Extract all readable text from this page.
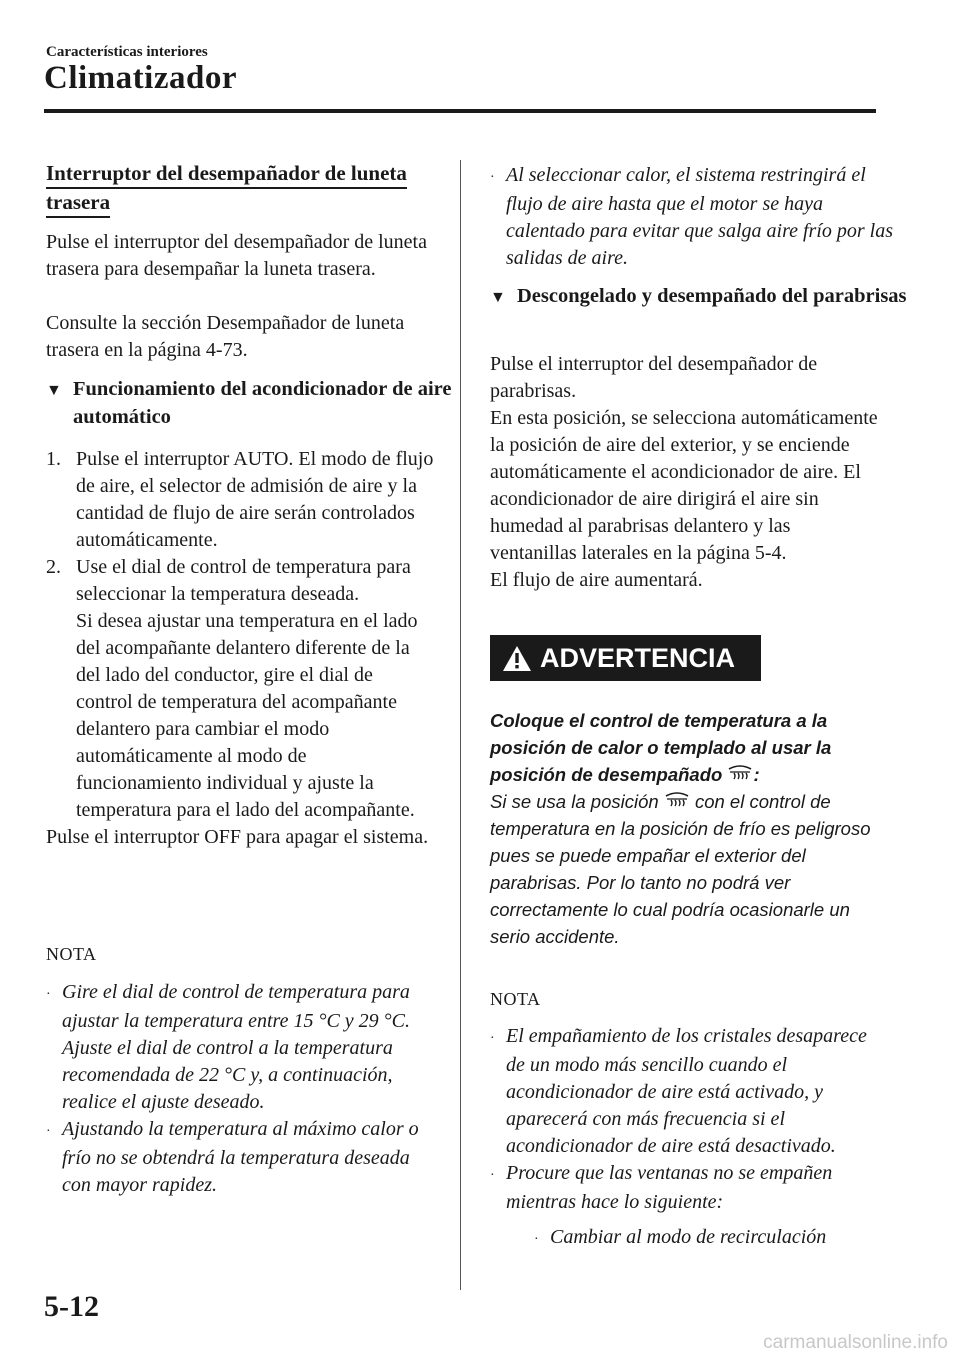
Características interiores
Climatizador
Interruptor del desempañador de luneta

trasera

Pulse el interruptor del desempañador de luneta trasera para desempañar la luneta trasera.

Consulte la sección Desempañador de luneta trasera en la página 4-73.

▼ Funcionamiento del acondicionador de aire automático

1. Pulse el interruptor AUTO. El modo de flujo de aire, el selector de admisión de aire y la cantidad de flujo de aire serán controlados automáticamente.

2. Use el dial de control de temperatura para seleccionar la temperatura deseada.

Si desea ajustar una temperatura en el lado del acompañante delantero diferente de la del lado del conductor, gire el dial de control de temperatura del acompañante delantero para cambiar el modo automáticamente al modo de funcionamiento individual y ajuste la temperatura para el lado del acompañante.

Pulse el interruptor OFF para apagar el sistema.

NOTA

· Gire el dial de control de temperatura para ajustar la temperatura entre 15 °C y 29 °C. Ajuste el dial de control a la temperatura recomendada de 22 °C y, a continuación, realice el ajuste deseado.

· Ajustando la temperatura al máximo calor o frío no se obtendrá la temperatura deseada con mayor rapidez.

· Al seleccionar calor, el sistema restringirá el flujo de aire hasta que el motor se haya calentado para evitar que salga aire frío por las salidas de aire.

▼ Descongelado y desempañado del parabrisas

Pulse el interruptor del desempañador de parabrisas.

En esta posición, se selecciona automáticamente la posición de aire del exterior, y se enciende automáticamente el acondicionador de aire. El acondicionador de aire dirigirá el aire sin humedad al parabrisas delantero y las ventanillas laterales en la página 5-4.

El flujo de aire aumentará.

ADVERTENCIA

Coloque el control de temperatura a la posición de calor o templado al usar la posición de desempañado :

Si se usa la posición con el control de temperatura en la posición de frío es peligroso pues se puede empañar el exterior del parabrisas. Por lo tanto no podrá ver correctamente lo cual podría ocasionarle un serio accidente.

NOTA

· El empañamiento de los cristales desaparece de un modo más sencillo cuando el acondicionador de aire está activado, y aparecerá con más frecuencia si el acondicionador de aire está desactivado.

· Procure que las ventanas no se empañen mientras hace lo siguiente:

· Cambiar al modo de recirculación

5-12
carmanualsonline.info
